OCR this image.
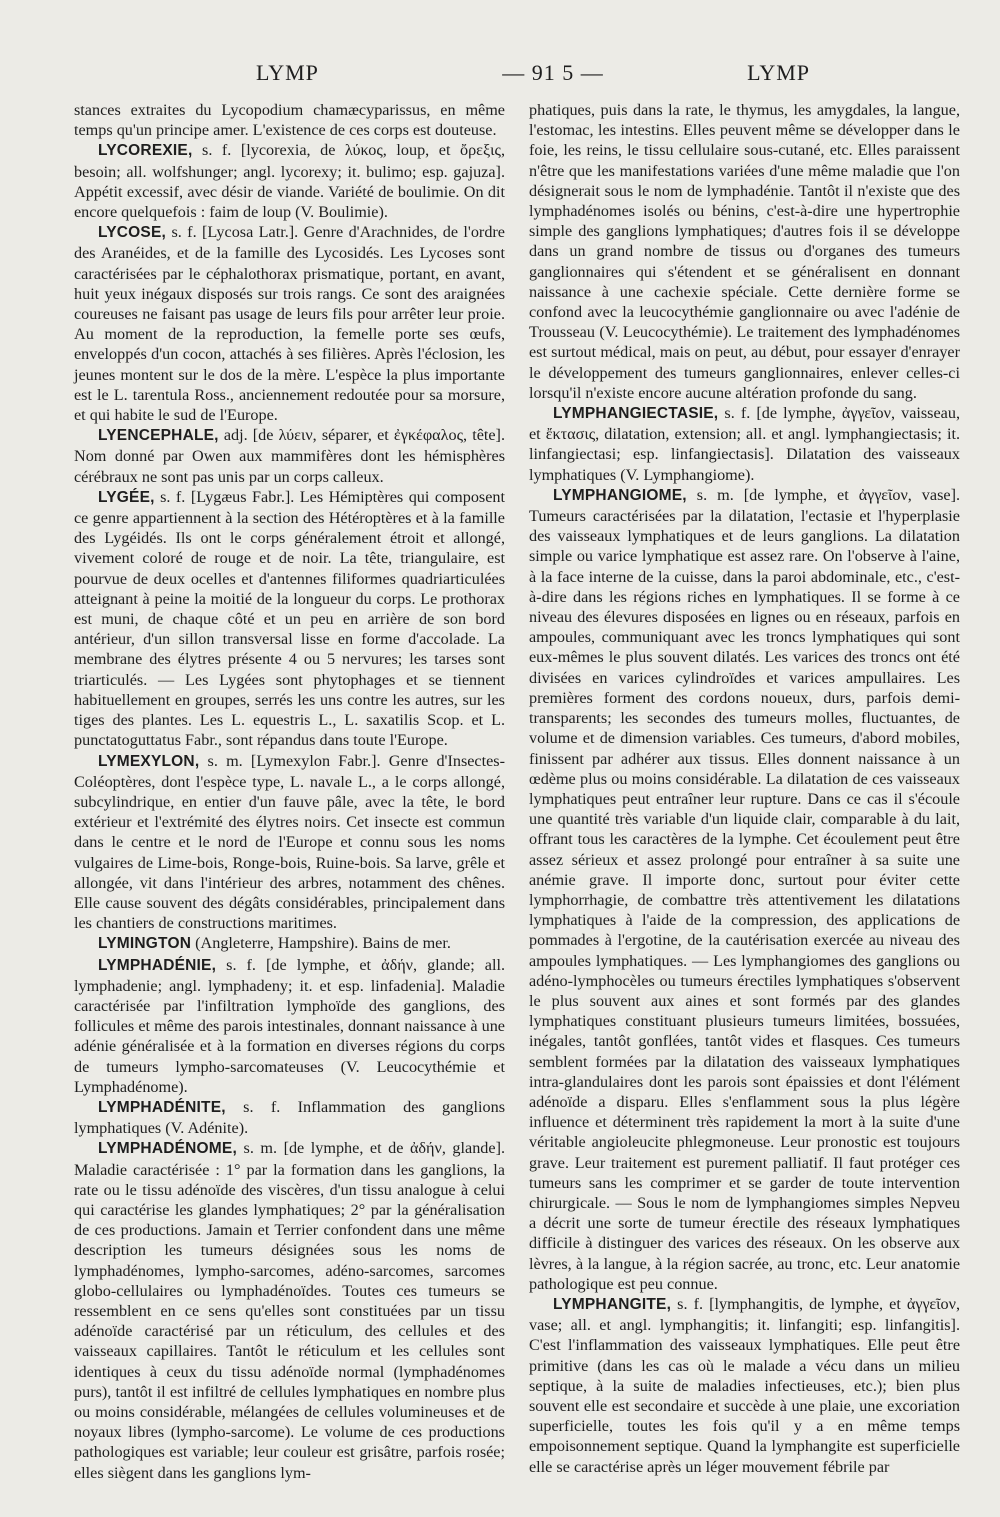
LYMP	— 91 5 —	LYMP

stances extraites du Lycopodium chamæcyparissus, en même temps qu'un principe amer. L'existence de ces corps est douteuse.

LYCOREXIE, s. f. [lycorexia, de λύκος, loup, et ὄρεξις, besoin; all. wolfshunger; angl. lycorexy; it. bulimo; esp. gajuza]. Appétit excessif, avec désir de viande. Variété de boulimie. On dit encore quelquefois : faim de loup (V. Boulimie).

LYCOSE, s. f. [Lycosa Latr.]. Genre d'Arachnides, de l'ordre des Aranéides, et de la famille des Lycosidés. Les Lycoses sont caractérisées par le céphalothorax prismatique, portant, en avant, huit yeux inégaux disposés sur trois rangs. Ce sont des araignées coureuses ne faisant pas usage de leurs fils pour arrêter leur proie. Au moment de la reproduction, la femelle porte ses œufs, enveloppés d'un cocon, attachés à ses filières. Après l'éclosion, les jeunes montent sur le dos de la mère. L'espèce la plus importante est le L. tarentula Ross., anciennement redoutée pour sa morsure, et qui habite le sud de l'Europe.

LYENCEPHALE, adj. [de λύειν, séparer, et ἐγκέφαλος, tête]. Nom donné par Owen aux mammifères dont les hémisphères cérébraux ne sont pas unis par un corps calleux.

LYGÉE, s. f. [Lygæus Fabr.]. Les Hémiptères qui composent ce genre appartiennent à la section des Hétéroptères et à la famille des Lygéidés. Ils ont le corps généralement étroit et allongé, vivement coloré de rouge et de noir. La tête, triangulaire, est pourvue de deux ocelles et d'antennes filiformes quadriarticulées atteignant à peine la moitié de la longueur du corps. Le prothorax est muni, de chaque côté et un peu en arrière de son bord antérieur, d'un sillon transversal lisse en forme d'accolade. La membrane des élytres présente 4 ou 5 nervures; les tarses sont triarticulés. — Les Lygées sont phytophages et se tiennent habituellement en groupes, serrés les uns contre les autres, sur les tiges des plantes. Les L. equestris L., L. saxatilis Scop. et L. punctatoguttatus Fabr., sont répandus dans toute l'Europe.

LYMEXYLON, s. m. [Lymexylon Fabr.]. Genre d'Insectes-Coléoptères, dont l'espèce type, L. navale L., a le corps allongé, subcylindrique, en entier d'un fauve pâle, avec la tête, le bord extérieur et l'extrémité des élytres noirs. Cet insecte est commun dans le centre et le nord de l'Europe et connu sous les noms vulgaires de Lime-bois, Ronge-bois, Ruine-bois. Sa larve, grêle et allongée, vit dans l'intérieur des arbres, notamment des chênes. Elle cause souvent des dégâts considérables, principalement dans les chantiers de constructions maritimes.

LYMINGTON (Angleterre, Hampshire). Bains de mer.

LYMPHADÉNIE, s. f. [de lymphe, et ἀδήν, glande; all. lymphadenie; angl. lymphadeny; it. et esp. linfadenia]. Maladie caractérisée par l'infiltration lymphoïde des ganglions, des follicules et même des parois intestinales, donnant naissance à une adénie généralisée et à la formation en diverses régions du corps de tumeurs lympho-sarcomateuses (V. Leucocythémie et Lymphadénome).

LYMPHADÉNITE, s. f. Inflammation des ganglions lymphatiques (V. Adénite).

LYMPHADÉNOME, s. m. [de lymphe, et de ἀδήν, glande]. Maladie caractérisée : 1° par la formation dans les ganglions, la rate ou le tissu adénoïde des viscères, d'un tissu analogue à celui qui caractérise les glandes lymphatiques; 2° par la généralisation de ces productions. Jamain et Terrier confondent dans une même description les tumeurs désignées sous les noms de lymphadénomes, lympho-sarcomes, adéno-sarcomes, sarcomes globo-cellulaires ou lymphadénoïdes. Toutes ces tumeurs se ressemblent en ce sens qu'elles sont constituées par un tissu adénoïde caractérisé par un réticulum, des cellules et des vaisseaux capillaires. Tantôt le réticulum et les cellules sont identiques à ceux du tissu adénoïde normal (lymphadénomes purs), tantôt il est infiltré de cellules lymphatiques en nombre plus ou moins considérable, mélangées de cellules volumineuses et de noyaux libres (lympho-sarcome). Le volume de ces productions pathologiques est variable; leur couleur est grisâtre, parfois rosée; elles siègent dans les ganglions lym-

phatiques, puis dans la rate, le thymus, les amygdales, la langue, l'estomac, les intestins. Elles peuvent même se développer dans le foie, les reins, le tissu cellulaire sous-cutané, etc. Elles paraissent n'être que les manifestations variées d'une même maladie que l'on désignerait sous le nom de lymphadénie. Tantôt il n'existe que des lymphadénomes isolés ou bénins, c'est-à-dire une hypertrophie simple des ganglions lymphatiques; d'autres fois il se développe dans un grand nombre de tissus ou d'organes des tumeurs ganglionnaires qui s'étendent et se généralisent en donnant naissance à une cachexie spéciale. Cette dernière forme se confond avec la leucocythémie ganglionnaire ou avec l'adénie de Trousseau (V. Leucocythémie). Le traitement des lymphadénomes est surtout médical, mais on peut, au début, pour essayer d'enrayer le développement des tumeurs ganglionnaires, enlever celles-ci lorsqu'il n'existe encore aucune altération profonde du sang.

LYMPHANGIECTASIE, s. f. [de lymphe, ἀγγεῖον, vaisseau, et ἔκτασις, dilatation, extension; all. et angl. lymphangiectasis; it. linfangiectasi; esp. linfangiectasis]. Dilatation des vaisseaux lymphatiques (V. Lymphangiome).

LYMPHANGIOME, s. m. [de lymphe, et ἀγγεῖον, vase]. Tumeurs caractérisées par la dilatation, l'ectasie et l'hyperplasie des vaisseaux lymphatiques et de leurs ganglions. La dilatation simple ou varice lymphatique est assez rare. On l'observe à l'aine, à la face interne de la cuisse, dans la paroi abdominale, etc., c'est-à-dire dans les régions riches en lymphatiques. Il se forme à ce niveau des élevures disposées en lignes ou en réseaux, parfois en ampoules, communiquant avec les troncs lymphatiques qui sont eux-mêmes le plus souvent dilatés. Les varices des troncs ont été divisées en varices cylindroïdes et varices ampullaires. Les premières forment des cordons noueux, durs, parfois demi-transparents; les secondes des tumeurs molles, fluctuantes, de volume et de dimension variables. Ces tumeurs, d'abord mobiles, finissent par adhérer aux tissus. Elles donnent naissance à un œdème plus ou moins considérable. La dilatation de ces vaisseaux lymphatiques peut entraîner leur rupture. Dans ce cas il s'écoule une quantité très variable d'un liquide clair, comparable à du lait, offrant tous les caractères de la lymphe. Cet écoulement peut être assez sérieux et assez prolongé pour entraîner à sa suite une anémie grave. Il importe donc, surtout pour éviter cette lymphorrhagie, de combattre très attentivement les dilatations lymphatiques à l'aide de la compression, des applications de pommades à l'ergotine, de la cautérisation exercée au niveau des ampoules lymphatiques. — Les lymphangiomes des ganglions ou adéno-lymphocèles ou tumeurs érectiles lymphatiques s'observent le plus souvent aux aines et sont formés par des glandes lymphatiques constituant plusieurs tumeurs limitées, bossuées, inégales, tantôt gonflées, tantôt vides et flasques. Ces tumeurs semblent formées par la dilatation des vaisseaux lymphatiques intra-glandulaires dont les parois sont épaissies et dont l'élément adénoïde a disparu. Elles s'enflamment sous la plus légère influence et déterminent très rapidement la mort à la suite d'une véritable angioleucite phlegmoneuse. Leur pronostic est toujours grave. Leur traitement est purement palliatif. Il faut protéger ces tumeurs sans les comprimer et se garder de toute intervention chirurgicale. — Sous le nom de lymphangiomes simples Nepveu a décrit une sorte de tumeur érectile des réseaux lymphatiques difficile à distinguer des varices des réseaux. On les observe aux lèvres, à la langue, à la région sacrée, au tronc, etc. Leur anatomie pathologique est peu connue.

LYMPHANGITE, s. f. [lymphangitis, de lymphe, et ἀγγεῖον, vase; all. et angl. lymphangitis; it. linfangiti; esp. linfangitis]. C'est l'inflammation des vaisseaux lymphatiques. Elle peut être primitive (dans les cas où le malade a vécu dans un milieu septique, à la suite de maladies infectieuses, etc.); bien plus souvent elle est secondaire et succède à une plaie, une excoriation superficielle, toutes les fois qu'il y a en même temps empoisonnement septique. Quand la lymphangite est superficielle elle se caractérise après un léger mouvement fébrile par
